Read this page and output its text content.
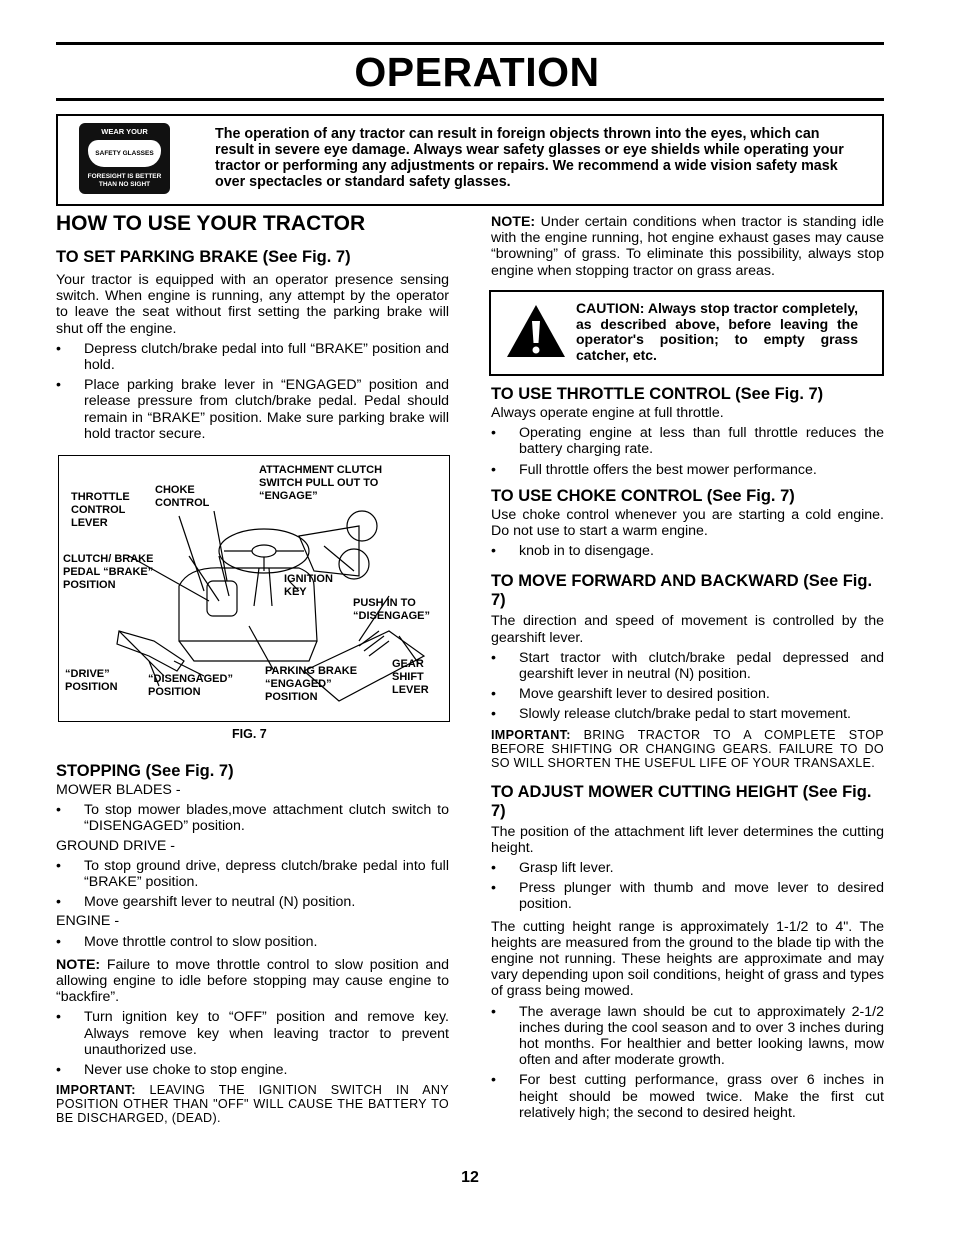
OPERATION
WEAR YOUR
SAFETY GLASSES
FORESIGHT IS BETTER THAN NO SIGHT
The operation of any tractor can result in foreign objects thrown into the eyes, which can result in severe eye damage. Always wear safety glasses or eye shields while operating your tractor or performing any adjustments or repairs. We recommend a wide vision safety mask over spectacles or standard safety glasses.
HOW TO USE YOUR TRACTOR
TO SET PARKING BRAKE (See Fig. 7)

Your tractor is equipped with an operator presence sensing switch. When engine is running, any attempt by the operator to leave the seat without first setting the parking brake will shut off the engine.

• Depress clutch/brake pedal into full “BRAKE” position and hold.

• Place parking brake lever in “ENGAGED” position and release pressure from clutch/brake pedal. Pedal should remain in “BRAKE” position. Make sure parking brake will hold tractor secure.

THROTTLE CONTROL LEVER
CHOKE CONTROL
ATTACHMENT CLUTCH SWITCH PULL OUT TO “ENGAGE”
CLUTCH/ BRAKE PEDAL “BRAKE” POSITION	IGNITION KEY
PUSH IN TO “DISENGAGE”
“DRIVE” POSITION
“DISENGAGED” POSITION
PARKING BRAKE “ENGAGED” POSITION
GEAR SHIFT LEVER
FIG. 7
STOPPING (See Fig. 7)

MOWER BLADES -

• To stop mower blades,move attachment clutch switch to “DISENGAGED” position.

GROUND DRIVE -

• To stop ground drive, depress clutch/brake pedal into full “BRAKE” position.

• Move gearshift lever to neutral (N) position.

ENGINE -

• Move throttle control to slow position.

NOTE: Failure to move throttle control to slow position and allowing engine to idle before stopping may cause engine to “backfire”.

• Turn ignition key to “OFF” position and remove key. Always remove key when leaving tractor to prevent unauthorized use.

• Never use choke to stop engine.

IMPORTANT: LEAVING THE IGNITION SWITCH IN ANY POSITION OTHER THAN "OFF" WILL CAUSE THE BATTERY TO BE DISCHARGED, (DEAD).

NOTE: Under certain conditions when tractor is standing idle with the engine running, hot engine exhaust gases may cause “browning” of grass. To eliminate this possibility, always stop engine when stopping tractor on grass areas.

CAUTION: Always stop tractor completely, as described above, before leaving the operator's position; to empty grass catcher, etc.
TO USE THROTTLE CONTROL (See Fig. 7)

Always operate engine at full throttle.

• Operating engine at less than full throttle reduces the battery charging rate.

• Full throttle offers the best mower performance.

TO USE CHOKE CONTROL (See Fig. 7)

Use choke control whenever you are starting a cold engine. Do not use to start a warm engine.

• knob in to disengage.

TO MOVE FORWARD AND BACKWARD (See Fig. 7)

The direction and speed of movement is controlled by the gearshift lever.

• Start tractor with clutch/brake pedal depressed and gearshift lever in neutral (N) position.

• Move gearshift lever to desired position.

• Slowly release clutch/brake pedal to start movement.

IMPORTANT: BRING TRACTOR TO A COMPLETE STOP BEFORE SHIFTING OR CHANGING GEARS. FAILURE TO DO SO WILL SHORTEN THE USEFUL LIFE OF YOUR TRANSAXLE.

TO ADJUST MOWER CUTTING HEIGHT (See Fig. 7)

The position of the attachment lift lever determines the cutting height.

• Grasp lift lever.

• Press plunger with thumb and move lever to desired position.

The cutting height range is approximately 1-1/2 to 4". The heights are measured from the ground to the blade tip with the engine not running. These heights are approximate and may vary depending upon soil conditions, height of grass and types of grass being mowed.

• The average lawn should be cut to approximately 2-1/2 inches during the cool season and to over 3 inches during hot months. For healthier and better looking lawns, mow often and after moderate growth.

• For best cutting performance, grass over 6 inches in height should be mowed twice. Make the first cut relatively high; the second to desired height.

12
